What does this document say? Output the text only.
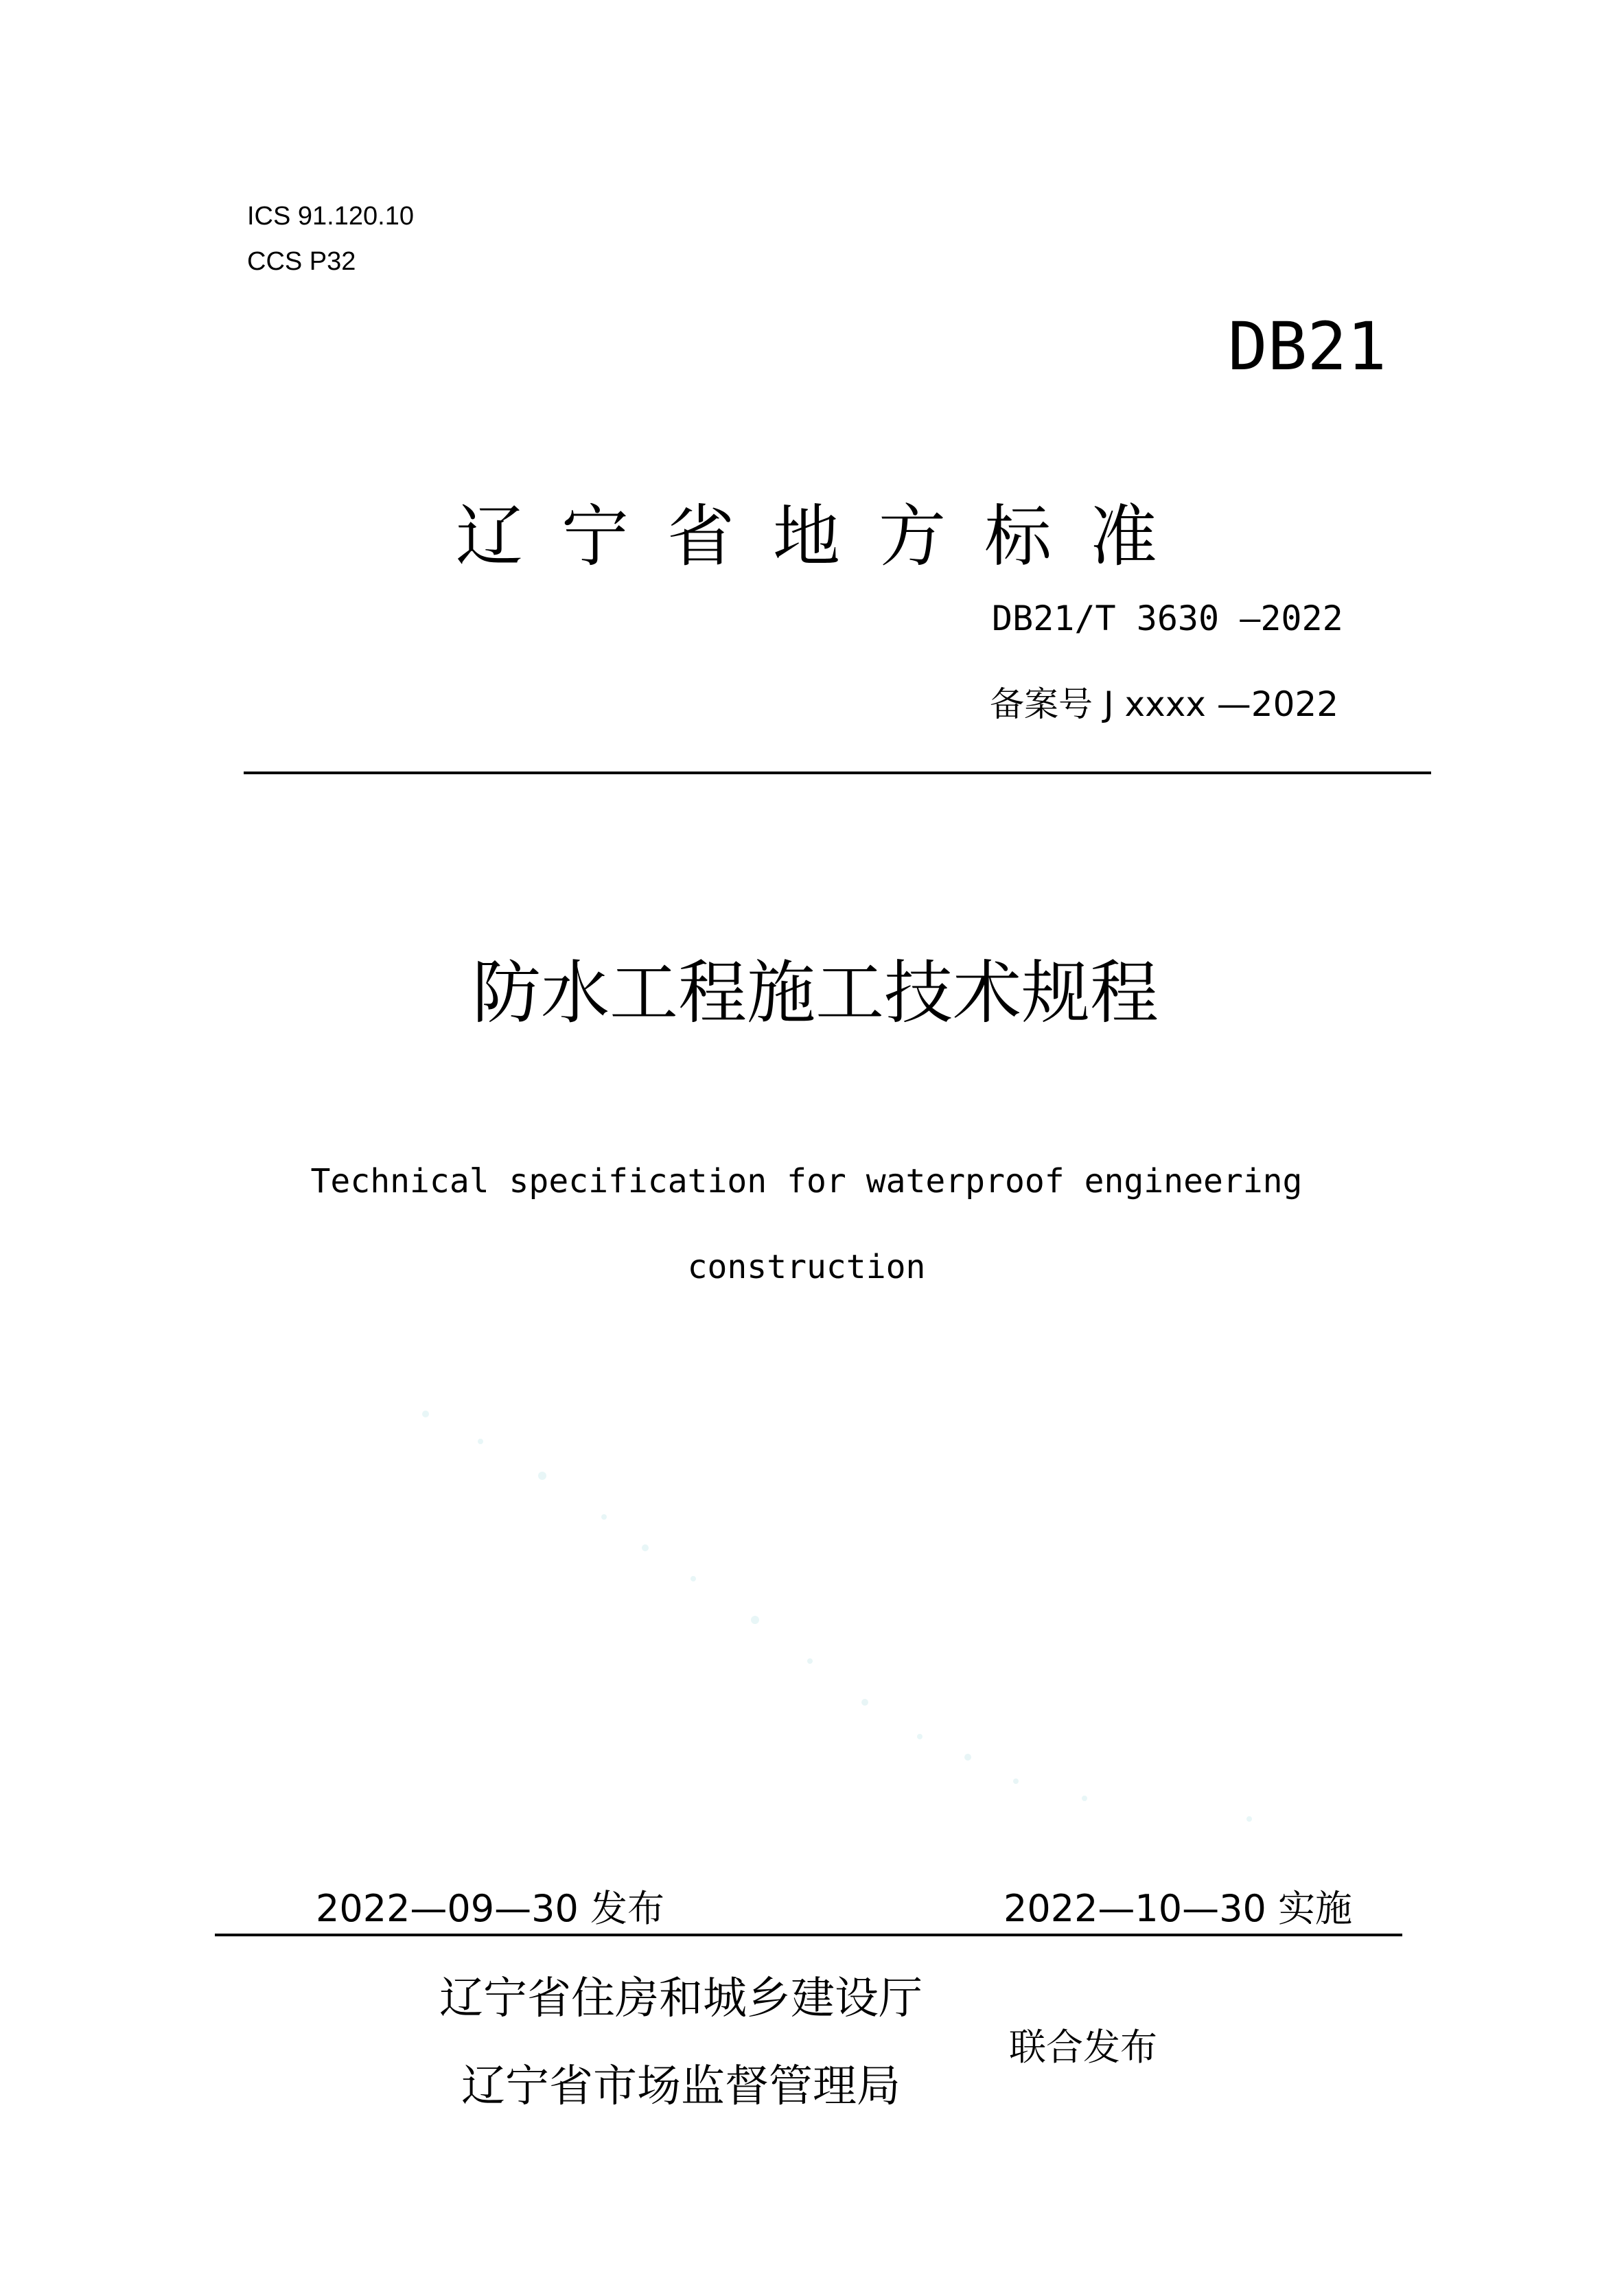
ICS 91.120.10
CCS P32
DB21
辽宁省地方标准
DB21/T 3630 —2022
备案号 J xxxx —2022
防水工程施工技术规程
Technical specification for waterproof engineering
construction
2022—09—30 发布	2022—10—30 实施
辽宁省住房和城乡建设厅
辽宁省市场监督管理局
联合发布
